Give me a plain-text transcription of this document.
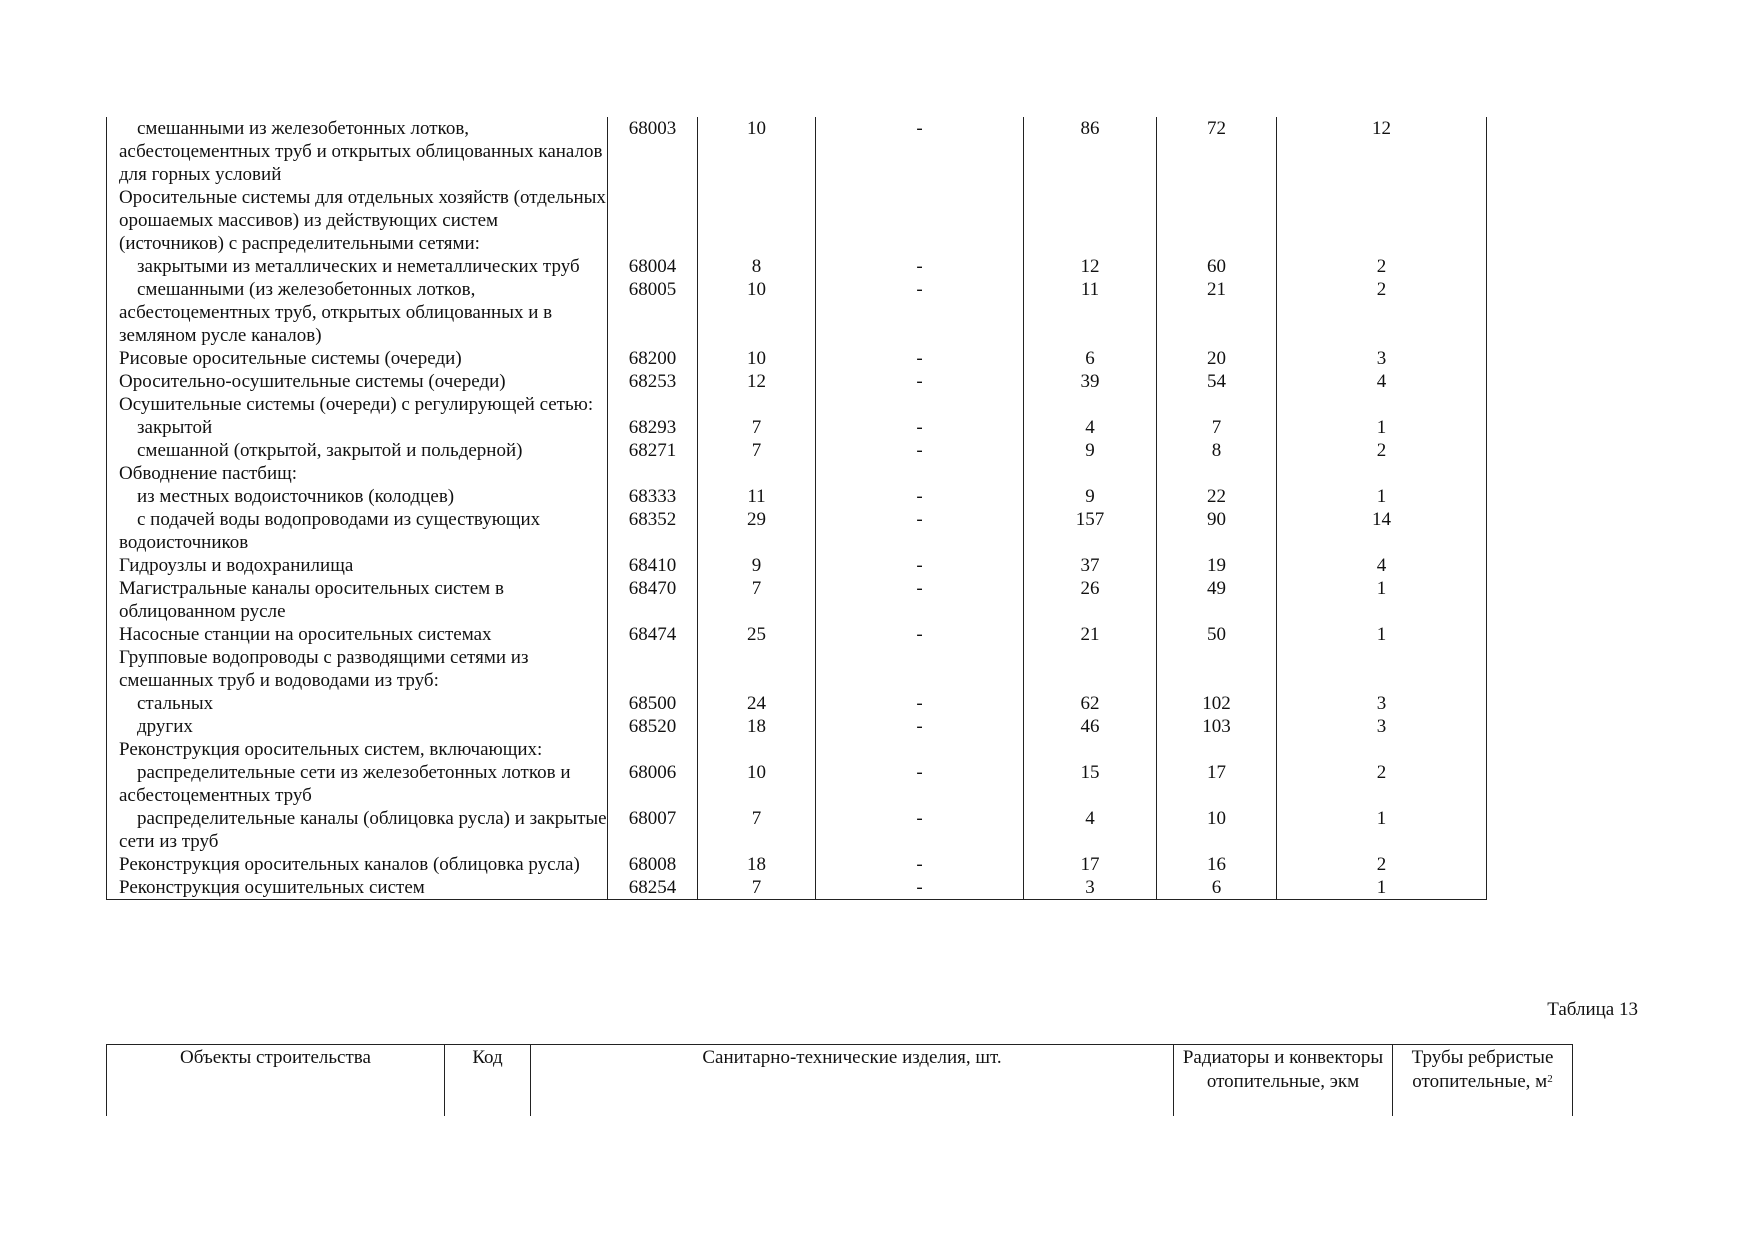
смешанными из железобетонных лотков, асбестоцементных труб и открытых облицованных каналов для горных условий	68003	10	-	86	72	12
Оросительные системы для отдельных хозяйств (отдельных орошаемых массивов) из действующих систем (источников) с распределительными сетями:						
закрытыми из металлических и неметаллических труб	68004	8	-	12	60	2
смешанными (из железобетонных лотков, асбестоцементных труб, открытых облицованных и в земляном русле каналов)	68005	10	-	11	21	2
Рисовые оросительные системы (очереди)	68200	10	-	6	20	3
Оросительно-осушительные системы (очереди)	68253	12	-	39	54	4
Осушительные системы (очереди) с регулирующей сетью:						
закрытой	68293	7	-	4	7	1
смешанной (открытой, закрытой и польдерной)	68271	7	-	9	8	2
Обводнение пастбищ:						
из местных водоисточников (колодцев)	68333	11	-	9	22	1
с подачей воды водопроводами из существующих водоисточников	68352	29	-	157	90	14
Гидроузлы и водохранилища	68410	9	-	37	19	4
Магистральные каналы оросительных систем в облицованном русле	68470	7	-	26	49	1
Насосные станции на оросительных системах	68474	25	-	21	50	1
Групповые водопроводы с разводящими сетями из смешанных труб и водоводами из труб:						
стальных	68500	24	-	62	102	3
других	68520	18	-	46	103	3
Реконструкция оросительных систем, включающих:						
распределительные сети из железобетонных лотков и асбестоцементных труб	68006	10	-	15	17	2
распределительные каналы (облицовка русла) и закрытые сети из труб	68007	7	-	4	10	1
Реконструкция оросительных каналов (облицовка русла)	68008	18	-	17	16	2
Реконструкция осушительных систем	68254	7	-	3	6	1
Таблица 13
Объекты строительства	Код	Санитарно-технические изделия, шт.	Радиаторы и конвекторы отопительные, экм	Трубы ребристые отопительные, $м^2$
